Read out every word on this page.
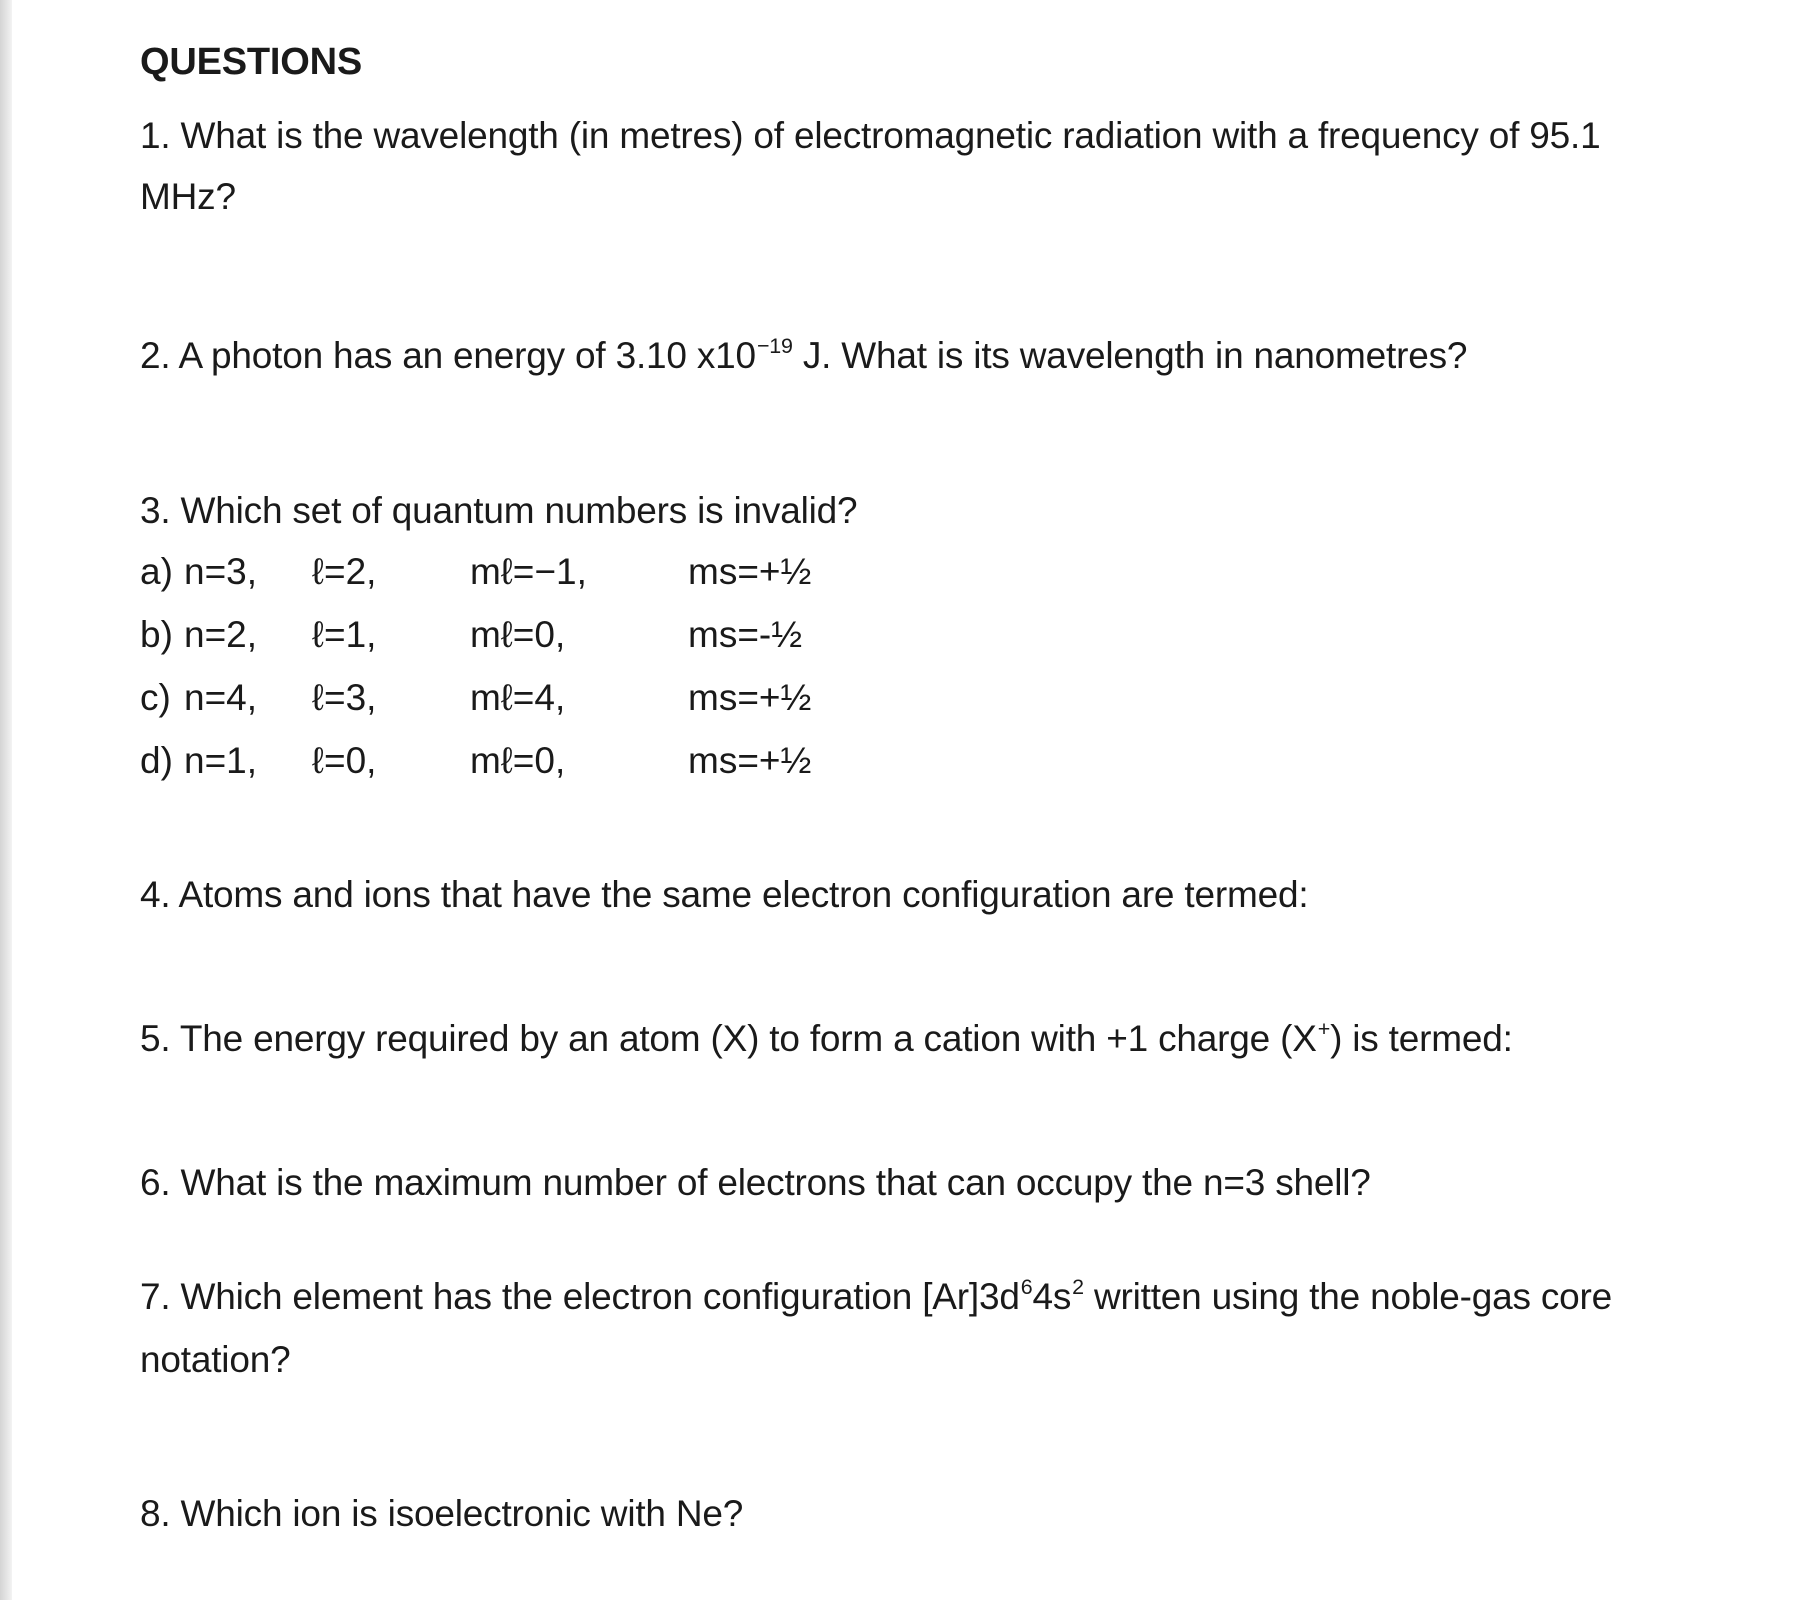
QUESTIONS
1. What is the wavelength (in metres) of electromagnetic radiation with a frequency of 95.1
MHz?
2. A photon has an energy of 3.10 $x10^{-19}$ J. What is its wavelength in nanometres?
3. Which set of quantum numbers is invalid?
a) n=3, ℓ=2,	mℓ=−1,	ms=+½
b) n=2, ℓ=1,	mℓ=0,	ms=-½
c) n=4, ℓ=3,	mℓ=4,	ms=+½
d) n=1, ℓ=0,	mℓ=0,	ms=+½
4. Atoms and ions that have the same electron configuration are termed:
5. The energy required by an atom (X) to form a cation with +1 charge (X+) is termed:
6. What is the maximum number of electrons that can occupy the n=3 shell?
7. Which element has the electron configuration $[Ar]3d^64s^2$ written using the noble-gas core
notation?
8. Which ion is isoelectronic with Ne?
